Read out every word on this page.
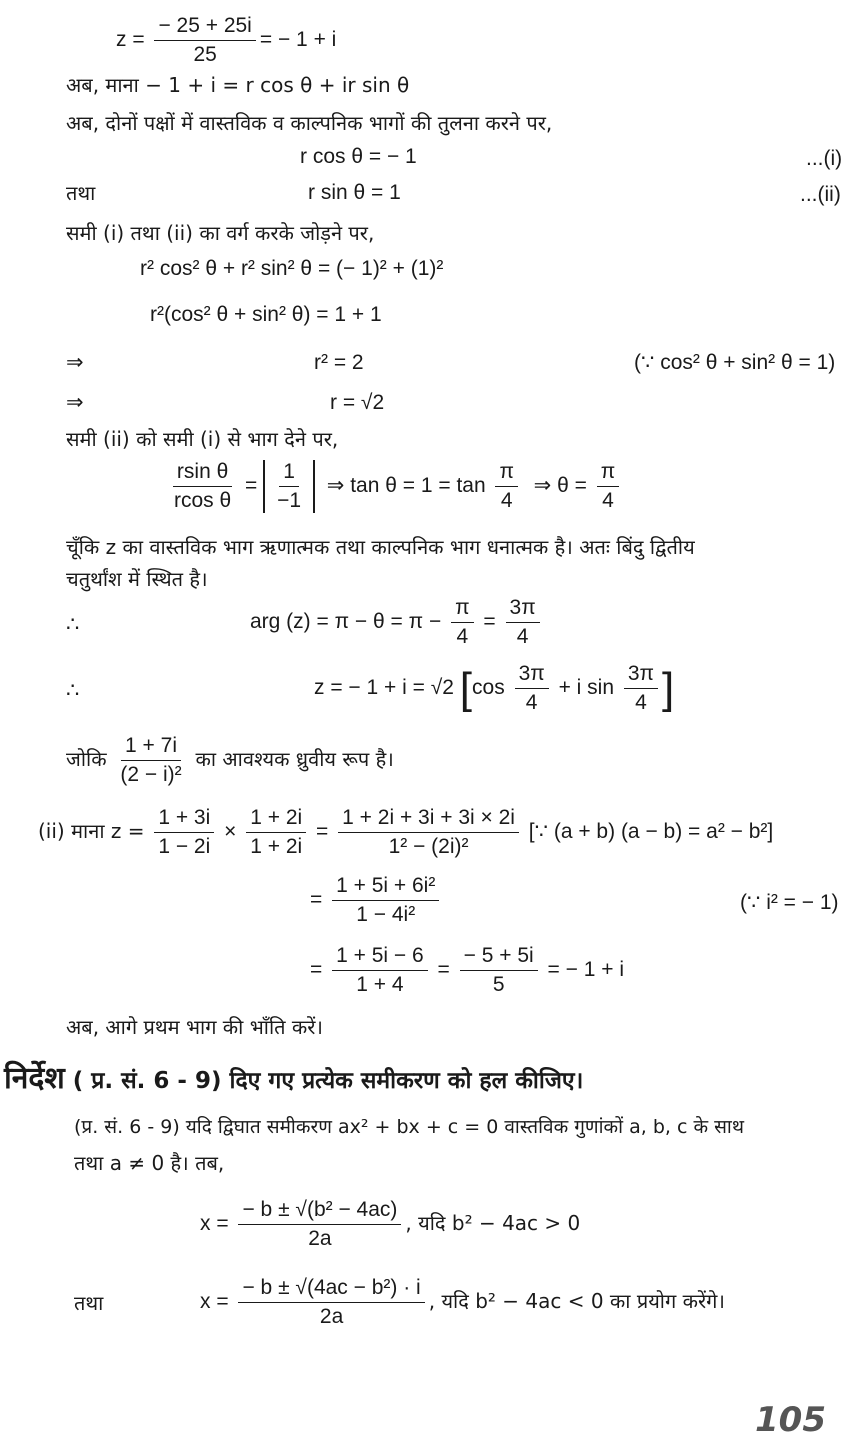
$z = \frac{- 25 + 25i}{25}$ = − 1 + i
अब, माना − 1 + i = r cos θ + ir sin θ
अब, दोनों पक्षों में वास्तविक व काल्पनिक भागों की तुलना करने पर,
r cos θ = − 1	...(i)
तथा	r sin θ = 1	...(ii)
समी (i) तथा (ii) का वर्ग करके जोड़ने पर,
r² cos² θ + r² sin² θ = (− 1)² + (1)²
r²(cos² θ + sin² θ) = 1 + 1
⇒	r² = 2	(∵ cos² θ + sin² θ = 1)
⇒	r = √2
समी (ii) को समी (i) से भाग देने पर,
$\frac{\text{rsin θ}}{\text{rcos θ}} = \frac{1}{-1}$ ⇒ $\tan \theta = 1 = \tan \frac{\pi}{4}$ ⇒ $\theta = \frac{\pi}{4}$
चूँकि z का वास्तविक भाग ऋणात्मक तथा काल्पनिक भाग धनात्मक है। अतः बिंदु द्वितीय
चतुर्थांश में स्थित है।
∴	arg $(z) = \pi - \theta = \pi - \frac{\pi}{4} = \frac{3\pi}{4}$
∴	z = − 1 + i = √2 [$\cos \frac{3\pi}{4} + i$ $\sin \frac{3\pi}{4}$ ]
जोकि $\frac{1 + 7i}{\text{(2 − i)²}}$ का आवश्यक ध्रुवीय रूप है।
(ii) माना $z = \frac{1 + 3i}{1 - 2i} \times \frac{1 + 2i}{1 + 2i} = \frac{1 + 2i + 3i + 3i \times 2i}{\text{1² − (2i)²}}$ [∵ (a + b) (a − b) = a² − b²]
= $\frac{\text{1 + 5i + 6i²}}{\text{1 − 4i²}}$	(∵ i² = − 1)
= $\frac{1 + 5i - 6}{1 + 4} = \frac{- 5 + 5i}{5}$ = − 1 + i
अब, आगे प्रथम भाग की भाँति करें।
निर्देश ( प्र. सं. 6 - 9) दिए गए प्रत्येक समीकरण को हल कीजिए।
(प्र. सं. 6 - 9) यदि द्विघात समीकरण ax² + bx + c = 0 वास्तविक गुणांकों a, b, c के साथ
तथा a ≠ 0 है। तब,
$x = \frac{\text{− b ± √(b² − 4ac)}}{2a}$ , यदि b² − 4ac > 0
तथा	$x = \frac{\text{− b ± √(4ac − b²) · i}}{2a}$ , यदि b² − 4ac < 0 का प्रयोग करेंगे।
105
